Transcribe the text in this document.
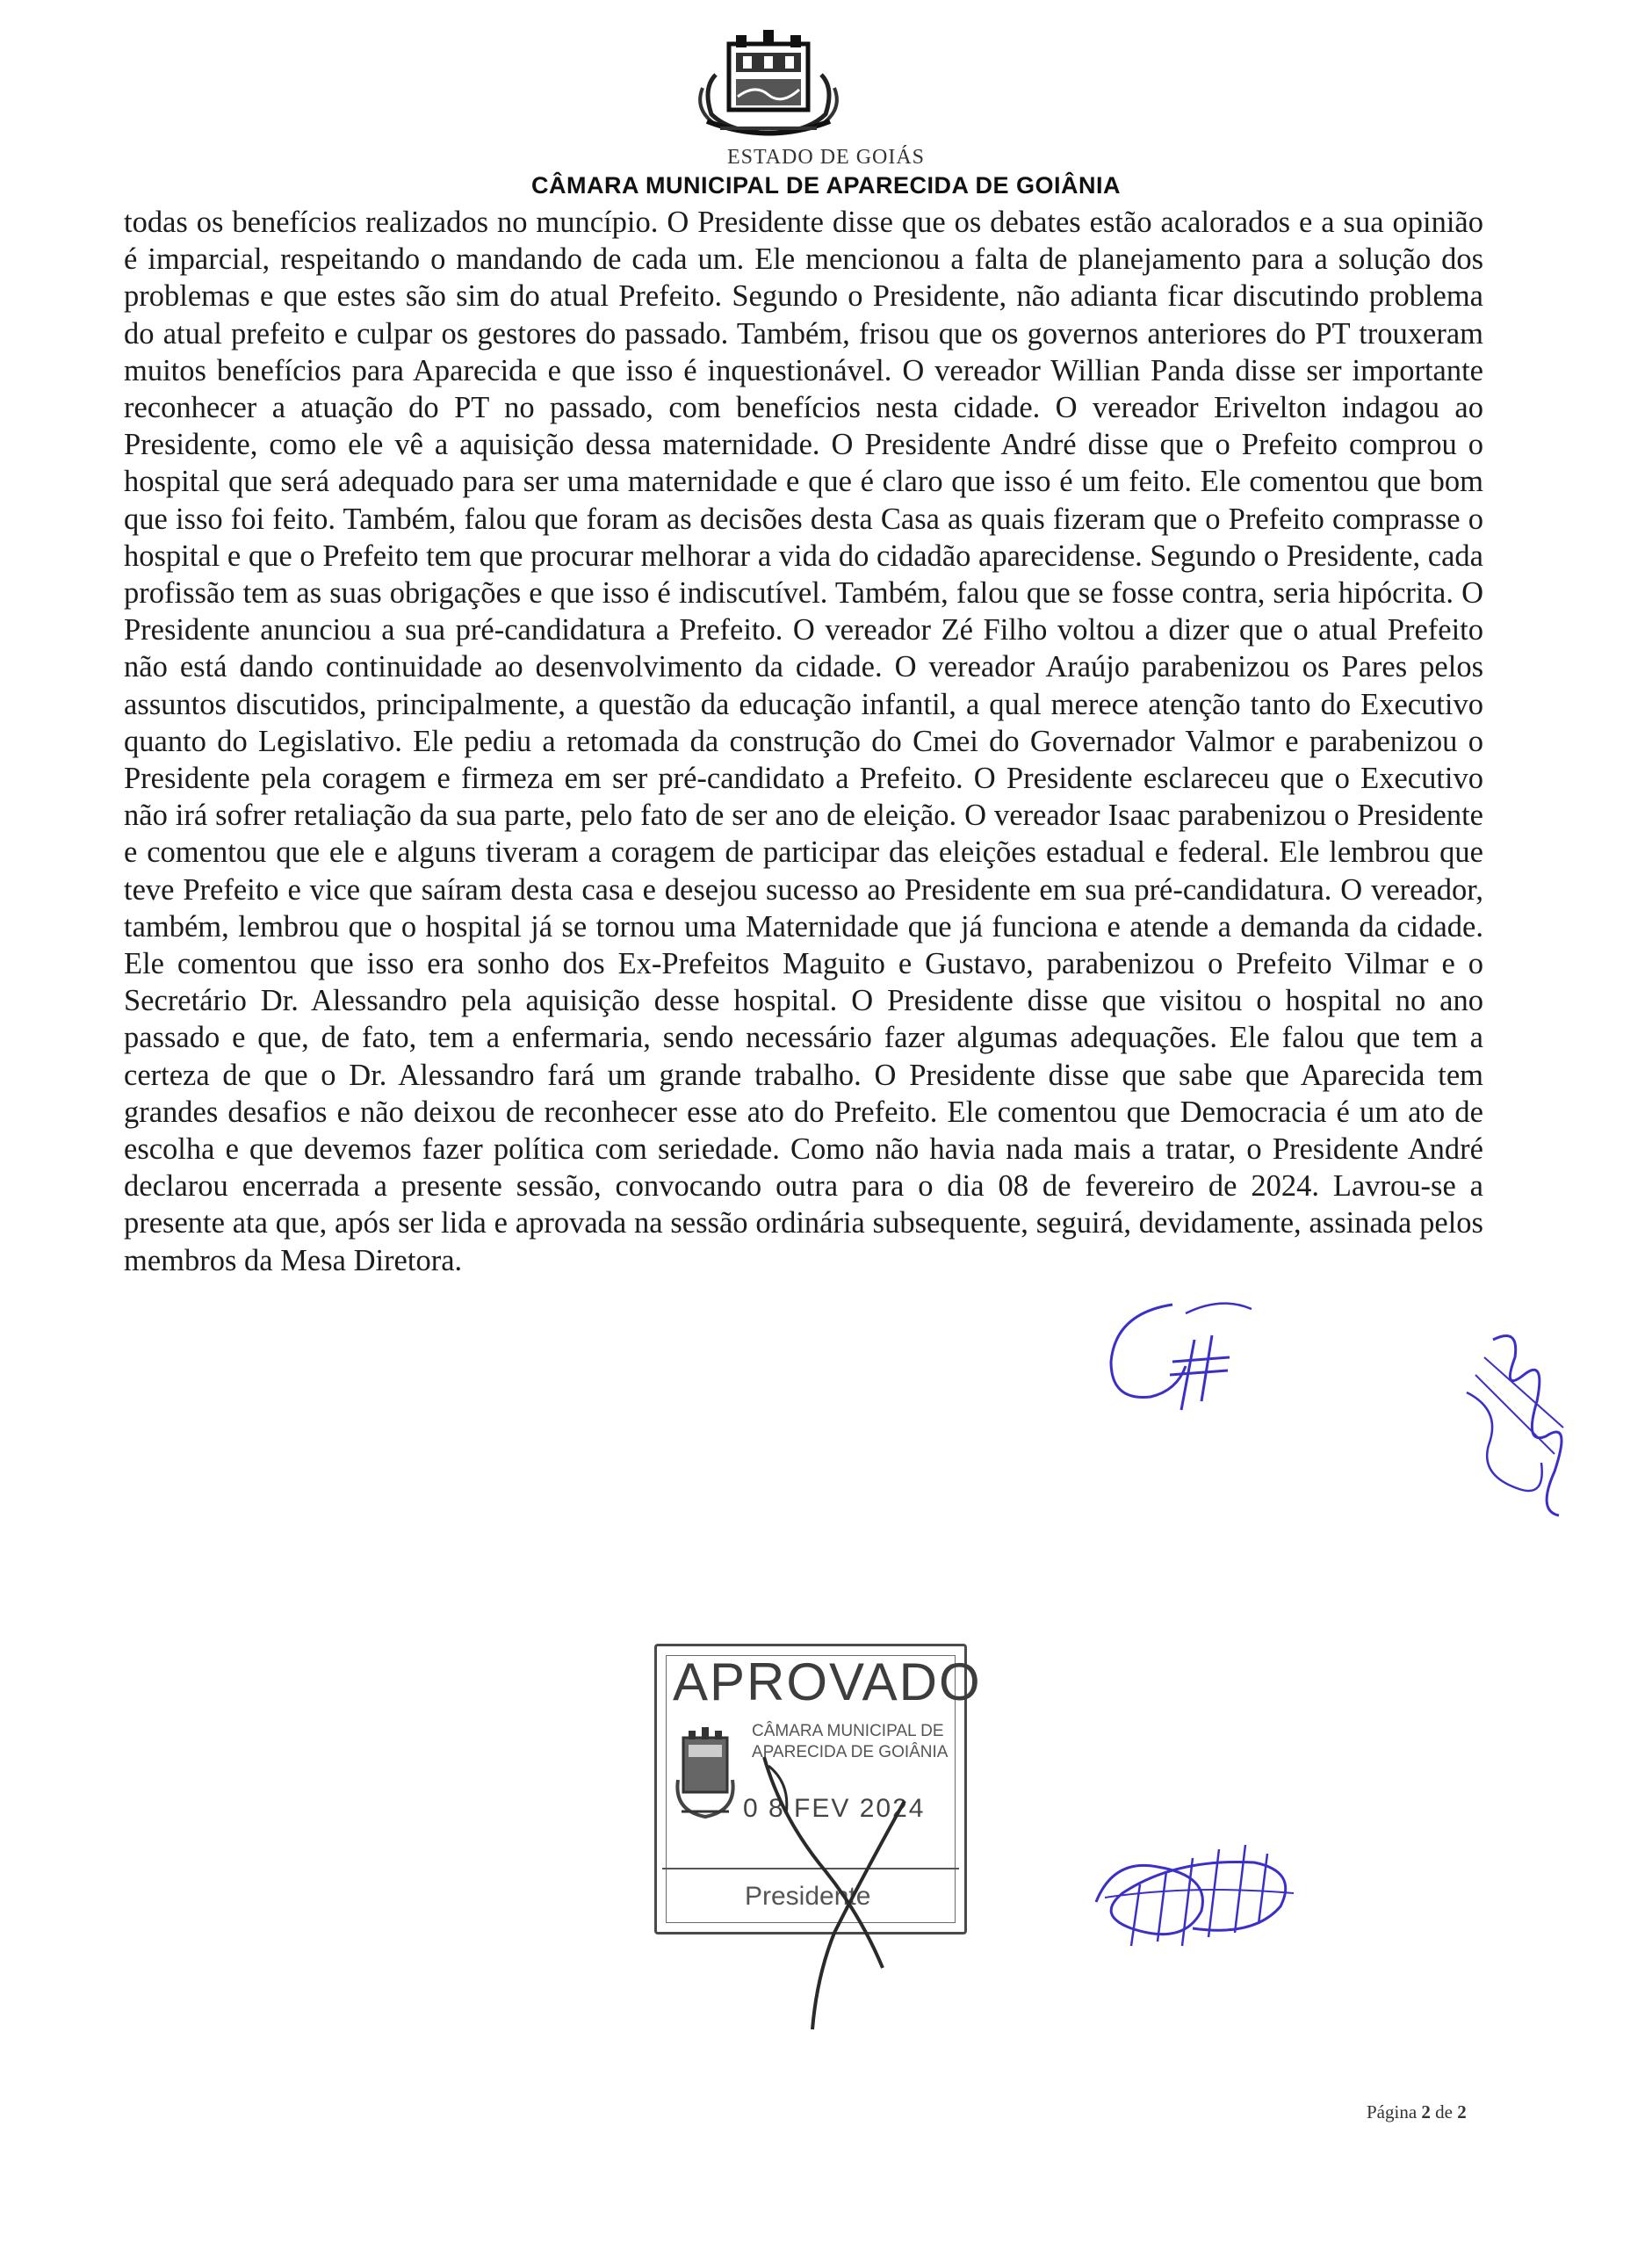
ESTADO DE GOIÁS
CÂMARA MUNICIPAL DE APARECIDA DE GOIÂNIA

todas os benefícios realizados no muncípio. O Presidente disse que os debates estão acalorados e a sua opinião é imparcial, respeitando o mandando de cada um. Ele mencionou a falta de planejamento para a solução dos problemas e que estes são sim do atual Prefeito. Segundo o Presidente, não adianta ficar discutindo problema do atual prefeito e culpar os gestores do passado. Também, frisou que os governos anteriores do PT trouxeram muitos benefícios para Aparecida e que isso é inquestionável. O vereador Willian Panda disse ser importante reconhecer a atuação do PT no passado, com benefícios nesta cidade. O vereador Erivelton indagou ao Presidente, como ele vê a aquisição dessa maternidade. O Presidente André disse que o Prefeito comprou o hospital que será adequado para ser uma maternidade e que é claro que isso é um feito. Ele comentou que bom que isso foi feito. Também, falou que foram as decisões desta Casa as quais fizeram que o Prefeito comprasse o hospital e que o Prefeito tem que procurar melhorar a vida do cidadão aparecidense. Segundo o Presidente, cada profissão tem as suas obrigações e que isso é indiscutível. Também, falou que se fosse contra, seria hipócrita. O Presidente anunciou a sua pré-candidatura a Prefeito. O vereador Zé Filho voltou a dizer que o atual Prefeito não está dando continuidade ao desenvolvimento da cidade. O vereador Araújo parabenizou os Pares pelos assuntos discutidos, principalmente, a questão da educação infantil, a qual merece atenção tanto do Executivo quanto do Legislativo. Ele pediu a retomada da construção do Cmei do Governador Valmor e parabenizou o Presidente pela coragem e firmeza em ser pré-candidato a Prefeito. O Presidente esclareceu que o Executivo não irá sofrer retaliação da sua parte, pelo fato de ser ano de eleição. O vereador Isaac parabenizou o Presidente e comentou que ele e alguns tiveram a coragem de participar das eleições estadual e federal. Ele lembrou que teve Prefeito e vice que saíram desta casa e desejou sucesso ao Presidente em sua pré-candidatura. O vereador, também, lembrou que o hospital já se tornou uma Maternidade que já funciona e atende a demanda da cidade. Ele comentou que isso era sonho dos Ex-Prefeitos Maguito e Gustavo, parabenizou o Prefeito Vilmar e o Secretário Dr. Alessandro pela aquisição desse hospital. O Presidente disse que visitou o hospital no ano passado e que, de fato, tem a enfermaria, sendo necessário fazer algumas adequações. Ele falou que tem a certeza de que o Dr. Alessandro fará um grande trabalho. O Presidente disse que sabe que Aparecida tem grandes desafios e não deixou de reconhecer esse ato do Prefeito. Ele comentou que Democracia é um ato de escolha e que devemos fazer política com seriedade. Como não havia nada mais a tratar, o Presidente André declarou encerrada a presente sessão, convocando outra para o dia 08 de fevereiro de 2024. Lavrou-se a presente ata que, após ser lida e aprovada na sessão ordinária subsequente, seguirá, devidamente, assinada pelos membros da Mesa Diretora.

APROVADO
CÂMARA MUNICIPAL DE
APARECIDA DE GOIÂNIA
0 8 FEV 2024
Presidente
Página 2 de 2
